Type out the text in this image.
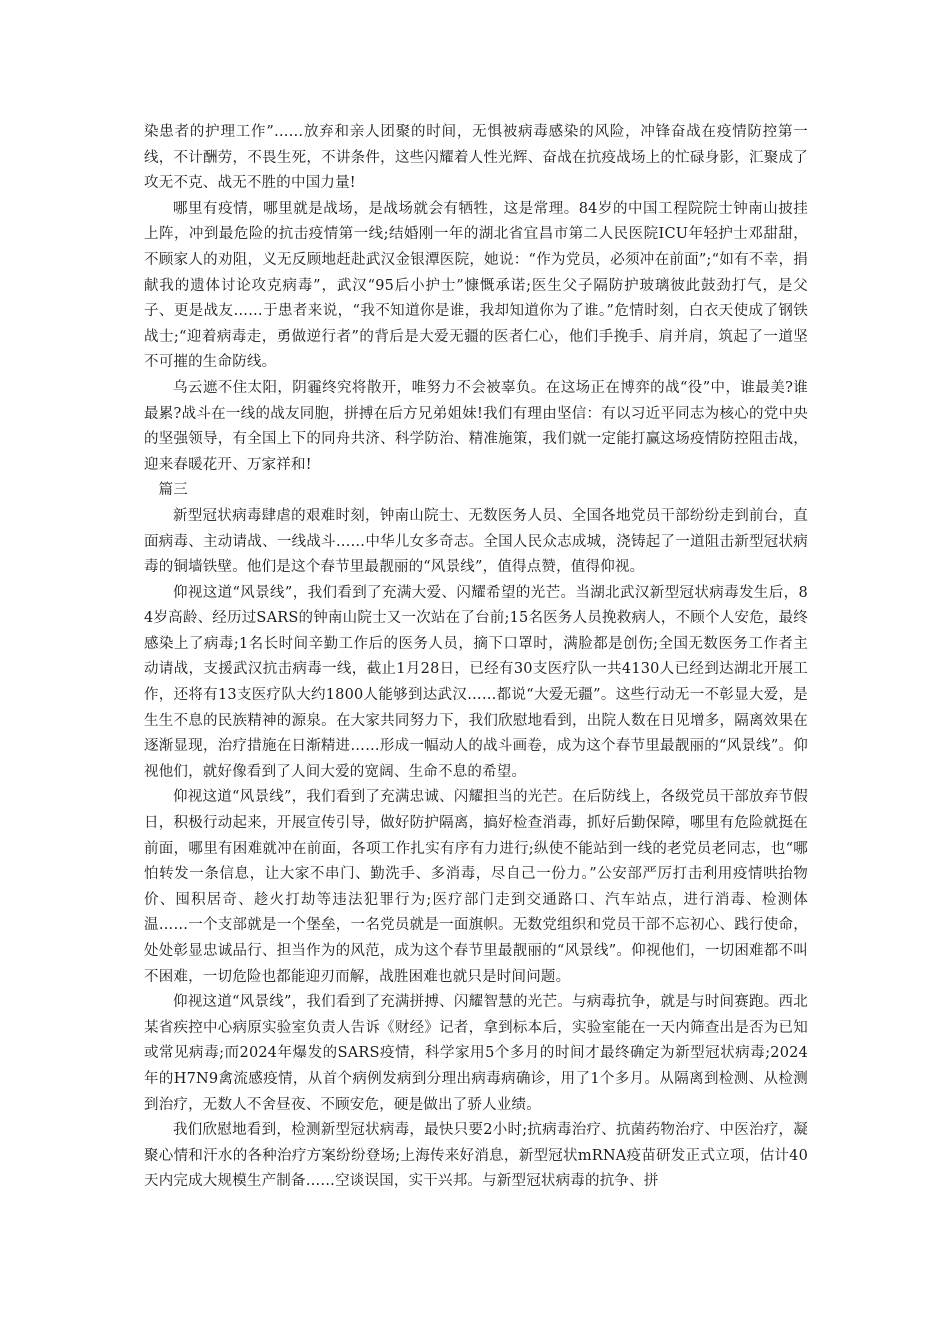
染患者的护理工作”……放弃和亲人团聚的时间，无惧被病毒感染的风险，冲锋奋战在疫情防控第一线，不计酬劳，不畏生死，不讲条件，这些闪耀着人性光辉、奋战在抗疫战场上的忙碌身影，汇聚成了攻无不克、战无不胜的中国力量!

哪里有疫情，哪里就是战场，是战场就会有牺牲，这是常理。84岁的中国工程院院士钟南山披挂上阵，冲到最危险的抗击疫情第一线;结婚刚一年的湖北省宜昌市第二人民医院ICU年轻护士邓甜甜，不顾家人的劝阻，义无反顾地赶赴武汉金银潭医院，她说：“作为党员，必须冲在前面”;“如有不幸，捐献我的遗体讨论攻克病毒”，武汉“95后小护士”慷慨承诺;医生父子隔防护玻璃彼此鼓劲打气，是父子、更是战友……于患者来说，“我不知道你是谁，我却知道你为了谁。”危情时刻，白衣天使成了钢铁战士;“迎着病毒走，勇做逆行者”的背后是大爱无疆的医者仁心，他们手挽手、肩并肩，筑起了一道坚不可摧的生命防线。

乌云遮不住太阳，阴霾终究将散开，唯努力不会被辜负。在这场正在博弈的战“役”中，谁最美?谁最累?战斗在一线的战友同胞，拼搏在后方兄弟姐妹!我们有理由坚信：有以习近平同志为核心的党中央的坚强领导，有全国上下的同舟共济、科学防治、精准施策，我们就一定能打赢这场疫情防控阻击战，迎来春暖花开、万家祥和!

篇三

新型冠状病毒肆虐的艰难时刻，钟南山院士、无数医务人员、全国各地党员干部纷纷走到前台，直面病毒、主动请战、一线战斗……中华儿女多奇志。全国人民众志成城，浇铸起了一道阻击新型冠状病毒的铜墙铁壁。他们是这个春节里最靓丽的“风景线”，值得点赞，值得仰视。

仰视这道“风景线”，我们看到了充满大爱、闪耀希望的光芒。当湖北武汉新型冠状病毒发生后，84岁高龄、经历过SARS的钟南山院士又一次站在了台前;15名医务人员挽救病人，不顾个人安危，最终感染上了病毒;1名长时间辛勤工作后的医务人员，摘下口罩时，满脸都是创伤;全国无数医务工作者主动请战，支援武汉抗击病毒一线，截止1月28日，已经有30支医疗队一共4130人已经到达湖北开展工作，还将有13支医疗队大约1800人能够到达武汉……都说“大爱无疆”。这些行动无一不彰显大爱，是生生不息的民族精神的源泉。在大家共同努力下，我们欣慰地看到，出院人数在日见增多，隔离效果在逐渐显现，治疗措施在日渐精进……形成一幅动人的战斗画卷，成为这个春节里最靓丽的“风景线”。仰视他们，就好像看到了人间大爱的宽阔、生命不息的希望。

仰视这道“风景线”，我们看到了充满忠诚、闪耀担当的光芒。在后防线上，各级党员干部放弃节假日，积极行动起来，开展宣传引导，做好防护隔离，搞好检查消毒，抓好后勤保障，哪里有危险就挺在前面，哪里有困难就冲在前面，各项工作扎实有序有力进行;纵使不能站到一线的老党员老同志，也“哪怕转发一条信息，让大家不串门、勤洗手、多消毒，尽自己一份力。”公安部严厉打击利用疫情哄抬物价、囤积居奇、趁火打劫等违法犯罪行为;医疗部门走到交通路口、汽车站点，进行消毒、检测体温……一个支部就是一个堡垒，一名党员就是一面旗帜。无数党组织和党员干部不忘初心、践行使命，处处彰显忠诚品行、担当作为的风范，成为这个春节里最靓丽的“风景线”。仰视他们，一切困难都不叫不困难，一切危险也都能迎刃而解，战胜困难也就只是时间问题。

仰视这道“风景线”，我们看到了充满拼搏、闪耀智慧的光芒。与病毒抗争，就是与时间赛跑。西北某省疾控中心病原实验室负责人告诉《财经》记者，拿到标本后，实验室能在一天内筛查出是否为已知或常见病毒;而2024年爆发的SARS疫情，科学家用5个多月的时间才最终确定为新型冠状病毒;2024年的H7N9禽流感疫情，从首个病例发病到分理出病毒病确诊，用了1个多月。从隔离到检测、从检测到治疗，无数人不舍昼夜、不顾安危，硬是做出了骄人业绩。

我们欣慰地看到，检测新型冠状病毒，最快只要2小时;抗病毒治疗、抗菌药物治疗、中医治疗，凝聚心情和汗水的各种治疗方案纷纷登场;上海传来好消息，新型冠状mRNA疫苗研发正式立项，估计40天内完成大规模生产制备……空谈误国，实干兴邦。与新型冠状病毒的抗争、拼
